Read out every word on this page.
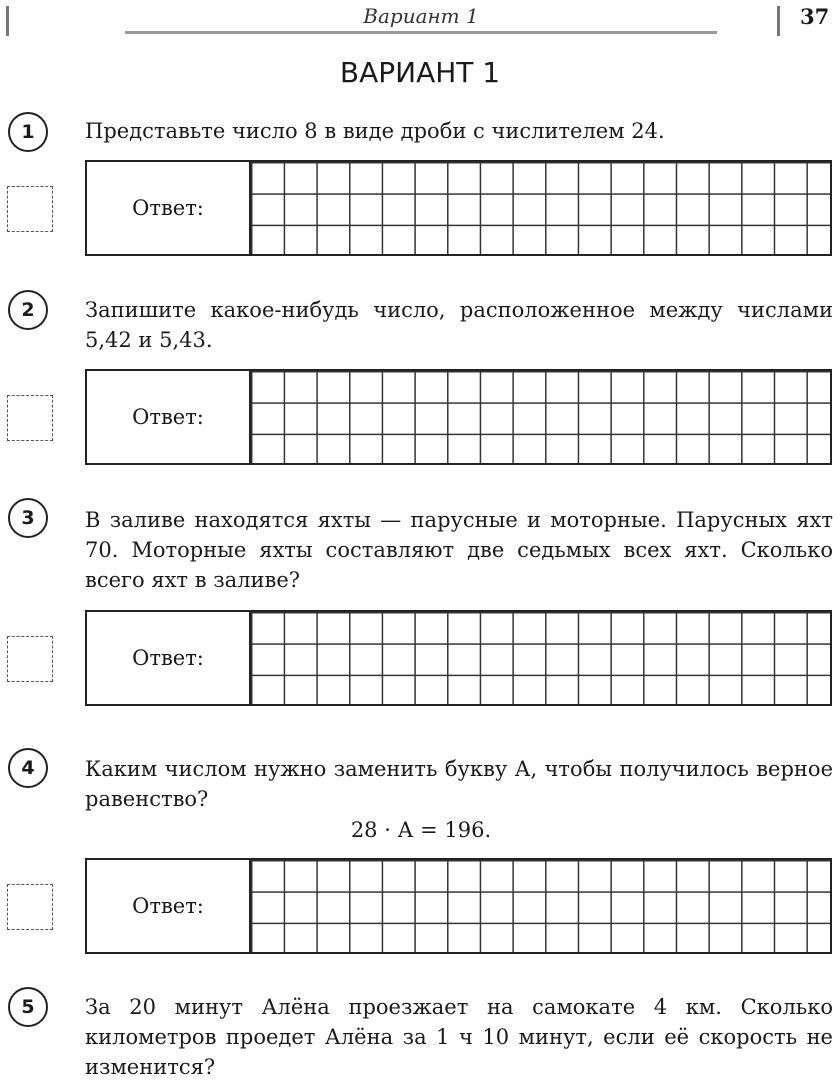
Вариант 1	37
ВАРИАНТ 1
1	Представьте число 8 в виде дроби с числителем 24.
Ответ:
2	Запишите какое-нибудь число, расположенное между числами 5,42 и 5,43.
Ответ:
3	В заливе находятся яхты — парусные и моторные. Парусных яхт 70. Моторные яхты составляют две седьмых всех яхт. Сколько всего яхт в заливе?
Ответ:
4	Каким числом нужно заменить букву А, чтобы получилось верное равенство?
28 · А = 196.
Ответ:
5	За 20 минут Алёна проезжает на самокате 4 км. Сколько километров проедет Алёна за 1 ч 10 минут, если её скорость не изменится?
